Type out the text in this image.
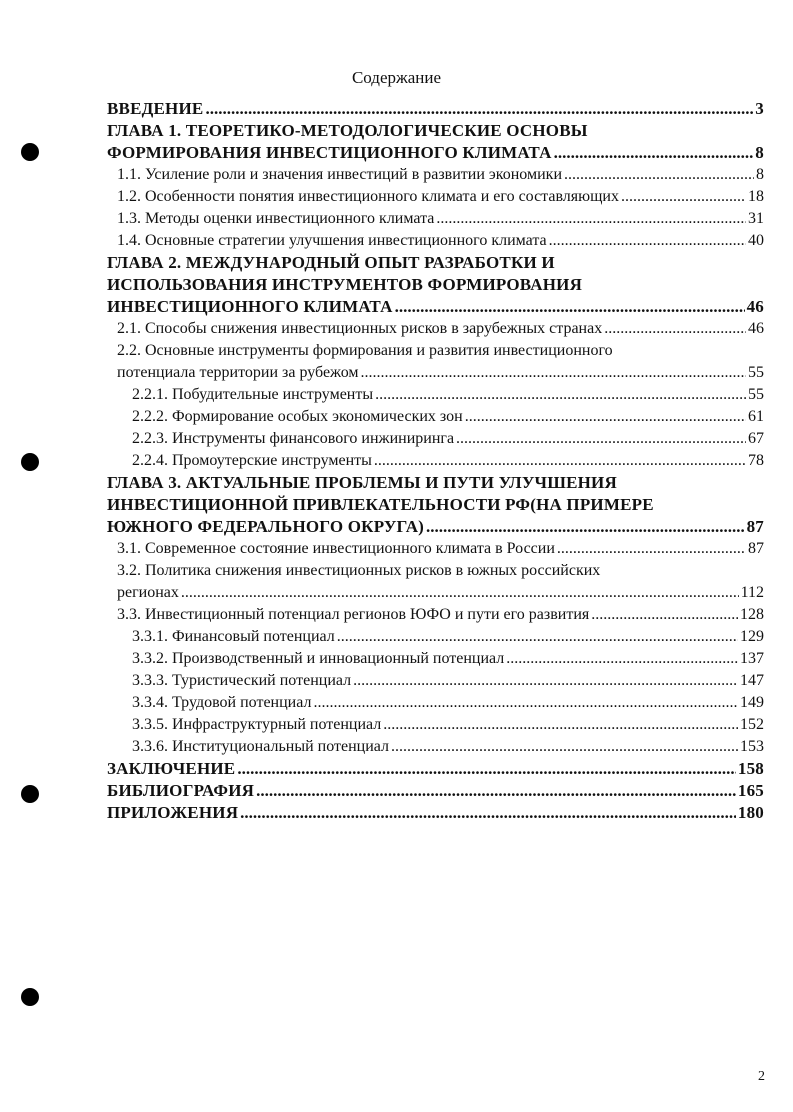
Содержание
ВВЕДЕНИЕ .....	3
ГЛАВА 1. ТЕОРЕТИКО-МЕТОДОЛОГИЧЕСКИЕ ОСНОВЫ
ФОРМИРОВАНИЯ ИНВЕСТИЦИОННОГО КЛИМАТА .....	8
1.1. Усиление роли и значения инвестиций в развитии экономики .....	8
1.2. Особенности понятия инвестиционного климата и его составляющих .....	18
1.3. Методы оценки инвестиционного климата .....	31
1.4. Основные стратегии улучшения инвестиционного климата .....	40
ГЛАВА 2. МЕЖДУНАРОДНЫЙ ОПЫТ РАЗРАБОТКИ И
ИСПОЛЬЗОВАНИЯ ИНСТРУМЕНТОВ ФОРМИРОВАНИЯ
ИНВЕСТИЦИОННОГО КЛИМАТА .....	46
2.1. Способы снижения инвестиционных рисков в зарубежных странах .....	46
2.2. Основные инструменты формирования и развития инвестиционного
потенциала территории за рубежом .....	55
2.2.1. Побудительные инструменты .....	55
2.2.2. Формирование особых экономических зон .....	61
2.2.3. Инструменты финансового инжиниринга .....	67
2.2.4. Промоутерские инструменты .....	78
ГЛАВА 3. АКТУАЛЬНЫЕ ПРОБЛЕМЫ И ПУТИ УЛУЧШЕНИЯ
ИНВЕСТИЦИОННОЙ ПРИВЛЕКАТЕЛЬНОСТИ РФ(НА ПРИМЕРЕ
ЮЖНОГО ФЕДЕРАЛЬНОГО ОКРУГА) .....	87
3.1. Современное состояние инвестиционного климата в России .....	87
3.2. Политика снижения инвестиционных рисков в южных российских
регионах .....	112
3.3. Инвестиционный потенциал регионов ЮФО и пути его развития .....	128
3.3.1. Финансовый потенциал .....	129
3.3.2. Производственный и инновационный потенциал .....	137
3.3.3. Туристический потенциал .....	147
3.3.4. Трудовой потенциал .....	149
3.3.5. Инфраструктурный потенциал .....	152
3.3.6. Институциональный потенциал .....	153
ЗАКЛЮЧЕНИЕ .....	158
БИБЛИОГРАФИЯ .....	165
ПРИЛОЖЕНИЯ .....	180
2
